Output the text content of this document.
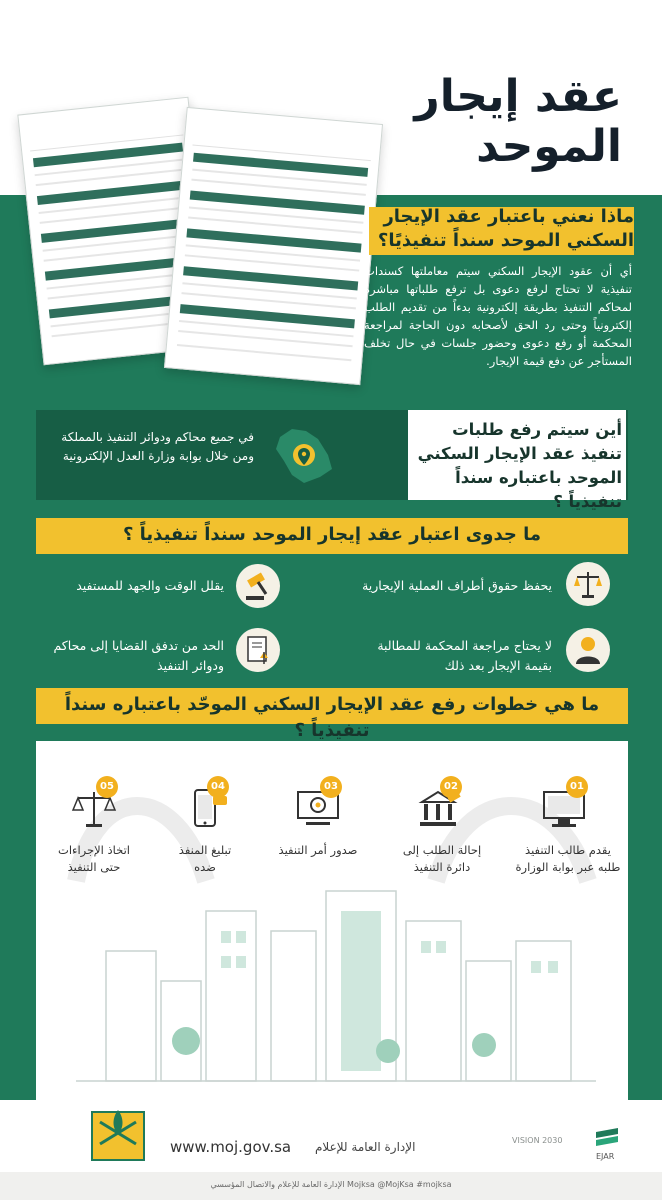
عقد إيجار
الموحد
ماذا نعني باعتبار عقد الإيجار السكني الموحد سنداً تنفيذيًا؟
أي أن عقود الإيجار السكني سيتم معاملتها كسندات تنفيذية لا تحتاج لرفع دعوى بل ترفع طلباتها مباشرةً لمحاكم التنفيذ بطريقة إلكترونية بدءاً من تقديم الطلب إلكترونياً وحتى رد الحق لأصحابه دون الحاجة لمراجعة المحكمة أو رفع دعوى وحضور جلسات في حال تخلف المستأجر عن دفع قيمة الإيجار.
أين سيتم رفع طلبات تنفيذ عقد الإيجار السكني الموحد باعتباره سنداً تنفيذياً ؟
في جميع محاكم ودوائر التنفيذ بالمملكة ومن خلال بوابة وزارة العدل الإلكترونية
ما جدوى اعتبار عقد إيجار الموحد سنداً تنفيذياً ؟
يحفظ حقوق أطراف العملية الإيجارية
يقلل الوقت والجهد للمستفيد
لا يحتاج مراجعة المحكمة للمطالبة بقيمة الإيجار بعد ذلك
الحد من تدفق القضايا إلى محاكم ودوائر التنفيذ
ما هي خطوات رفع عقد الإيجار السكني الموحّد باعتباره سنداً تنفيذياً ؟
01
يقدم طالب التنفيذ
طلبه عبر بوابة الوزارة
02
إحالة الطلب إلى
دائرة التنفيذ
03
صدور أمر التنفيذ
04
تبليغ المنفذ
ضده
05
اتخاذ الإجراءات
حتى التنفيذ
www.moj.gov.sa الإدارة العامة للإعلام	VISION 2030
EJAR
Mojksa @MojKsa #mojksa الإدارة العامة للإعلام والاتصال المؤسسي
